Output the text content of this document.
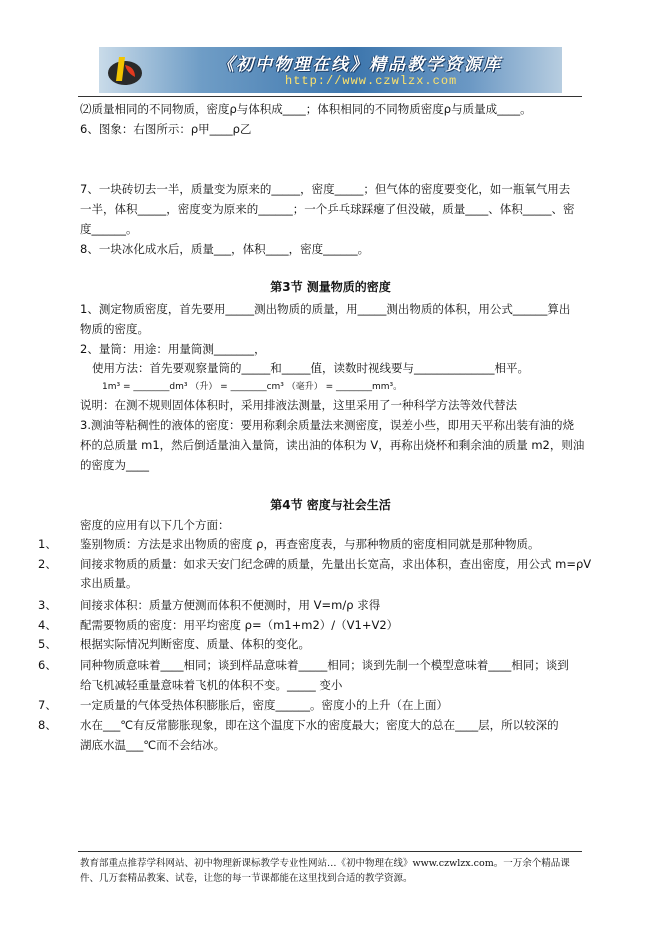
《初中物理在线》精品教学资源库
http://www.czwlzx.com
⑵质量相同的不同物质，密度ρ与体积成____；体积相同的不同物质密度ρ与质量成____。
6、图象：右图所示：ρ甲____ρ乙
7、一块砖切去一半，质量变为原来的_____，密度_____；但气体的密度要变化，如一瓶氧气用去
一半，体积_____，密度变为原来的______；一个乒乓球踩瘪了但没破，质量____、体积_____、密
度______。
8、一块冰化成水后，质量___，体积____，密度______。
第3节 测量物质的密度
1、测定物质密度，首先要用_____测出物质的质量，用_____测出物质的体积，用公式______算出
物质的密度。
2、量筒：用途：用量筒测_______，
使用方法：首先要观察量筒的_____和_____值，读数时视线要与______________相平。
1m³ = ________dm³ （升） = ________cm³ （毫升） = ________mm³。
说明：在测不规则固体体积时，采用排液法测量，这里采用了一种科学方法等效代替法
3.测油等粘稠性的液体的密度：要用称剩余质量法来测密度，误差小些，即用天平称出装有油的烧
杯的总质量 m1，然后倒适量油入量筒，读出油的体积为 V，再称出烧杯和剩余油的质量 m2，则油
的密度为____
第4节 密度与社会生活
密度的应用有以下几个方面：
1、 鉴别物质：方法是求出物质的密度 ρ，再查密度表，与那种物质的密度相同就是那种物质。
2、 间接求物质的质量：如求天安门纪念碑的质量，先量出长宽高，求出体积，查出密度，用公式 m=ρV
求出质量。
3、 间接求体积：质量方便测而体积不便测时，用 V=m/ρ 求得
4、 配需要物质的密度：用平均密度 ρ=（m1+m2）/（V1+V2）
5、 根据实际情况判断密度、质量、体积的变化。
6、 同种物质意味着____相同；谈到样品意味着_____相同；谈到先制一个模型意味着____相同；谈到
给飞机减轻重量意味着飞机的体积不变。_____ 变小
7、 一定质量的气体受热体积膨胀后，密度______。密度小的上升（在上面）
8、 水在___℃有反常膨胀现象，即在这个温度下水的密度最大；密度大的总在____层，所以较深的
湖底水温___℃而不会结冰。
教育部重点推荐学科网站、初中物理新课标教学专业性网站…《初中物理在线》www.czwlzx.com。一万余个精品课
件、几万套精品教案、试卷，让您的每一节课都能在这里找到合适的教学资源。
